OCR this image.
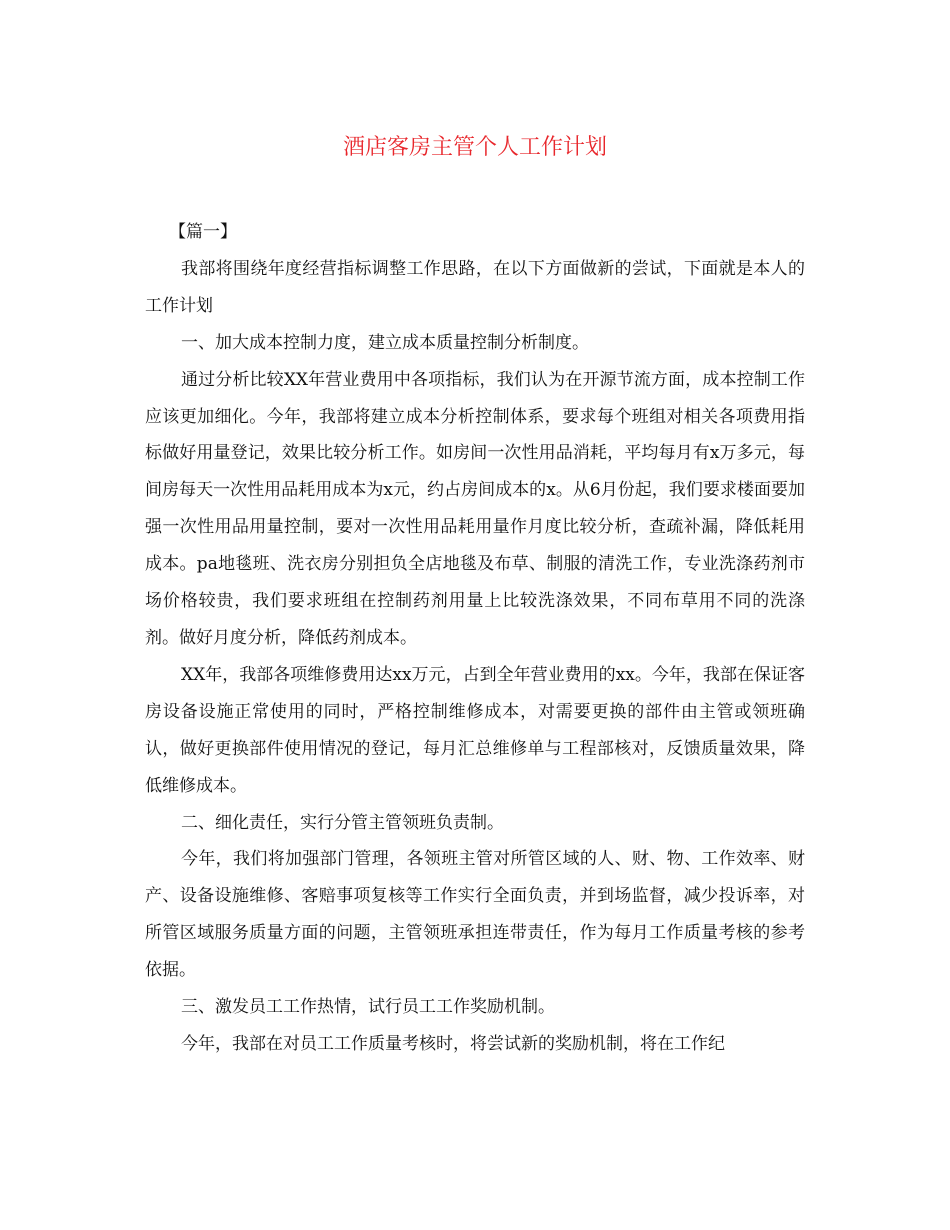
酒店客房主管个人工作计划

【篇一】

我部将围绕年度经营指标调整工作思路，在以下方面做新的尝试，下面就是本人的工作计划

一、加大成本控制力度，建立成本质量控制分析制度。

通过分析比较XX年营业费用中各项指标，我们认为在开源节流方面，成本控制工作应该更加细化。今年，我部将建立成本分析控制体系，要求每个班组对相关各项费用指标做好用量登记，效果比较分析工作。如房间一次性用品消耗，平均每月有x万多元，每间房每天一次性用品耗用成本为x元，约占房间成本的x。从6月份起，我们要求楼面要加强一次性用品用量控制，要对一次性用品耗用量作月度比较分析，查疏补漏，降低耗用成本。pa地毯班、洗衣房分别担负全店地毯及布草、制服的清洗工作，专业洗涤药剂市场价格较贵，我们要求班组在控制药剂用量上比较洗涤效果，不同布草用不同的洗涤剂。做好月度分析，降低药剂成本。

XX年，我部各项维修费用达xx万元，占到全年营业费用的xx。今年，我部在保证客房设备设施正常使用的同时，严格控制维修成本，对需要更换的部件由主管或领班确认，做好更换部件使用情况的登记，每月汇总维修单与工程部核对，反馈质量效果，降低维修成本。

二、细化责任，实行分管主管领班负责制。

今年，我们将加强部门管理，各领班主管对所管区域的人、财、物、工作效率、财产、设备设施维修、客赔事项复核等工作实行全面负责，并到场监督，减少投诉率，对所管区域服务质量方面的问题，主管领班承担连带责任，作为每月工作质量考核的参考依据。

三、激发员工工作热情，试行员工工作奖励机制。

今年，我部在对员工工作质量考核时，将尝试新的奖励机制，将在工作纪
